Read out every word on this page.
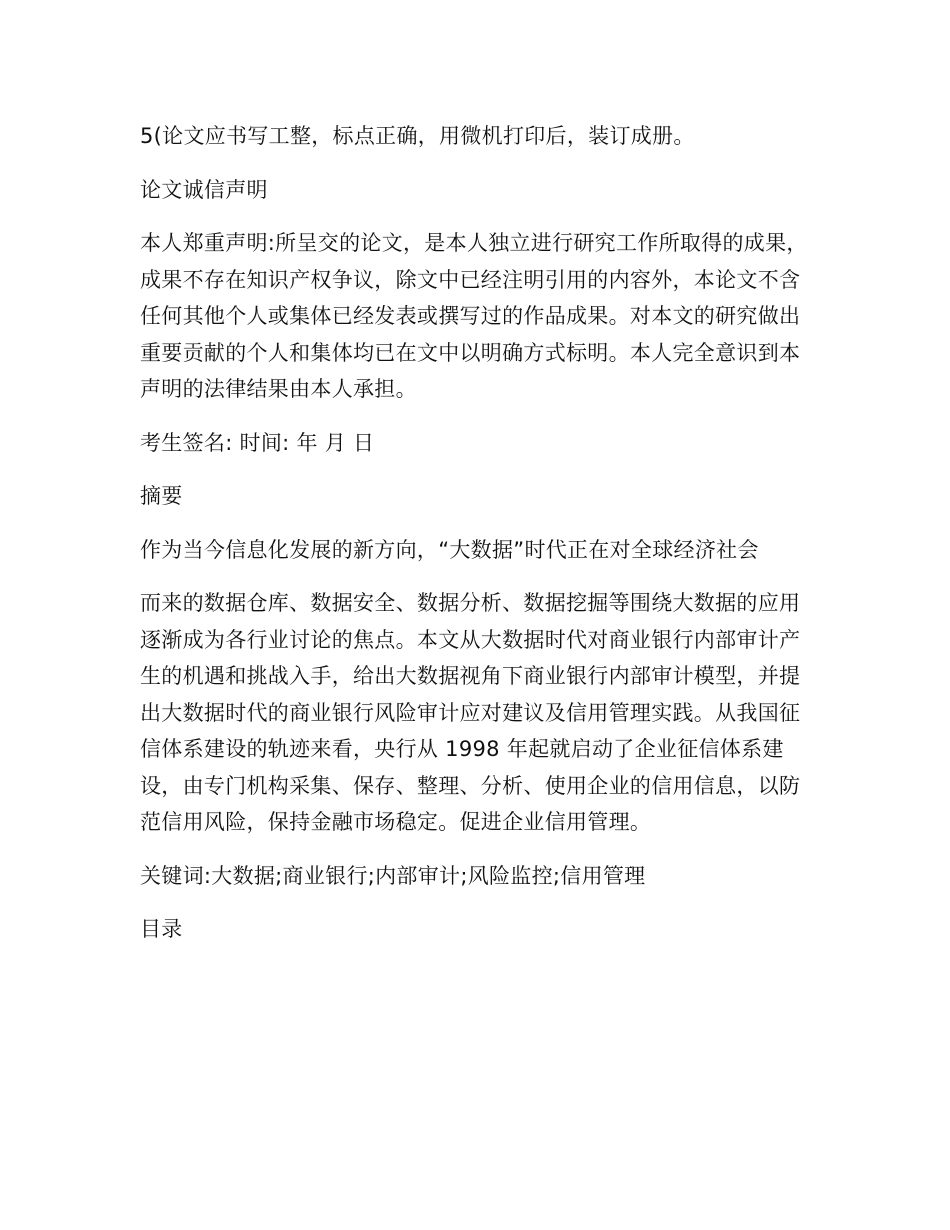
5(论文应书写工整，标点正确，用微机打印后，装订成册。

论文诚信声明

本人郑重声明:所呈交的论文，是本人独立进行研究工作所取得的成果，成果不存在知识产权争议，除文中已经注明引用的内容外，本论文不含任何其他个人或集体已经发表或撰写过的作品成果。对本文的研究做出重要贡献的个人和集体均已在文中以明确方式标明。本人完全意识到本声明的法律结果由本人承担。

考生签名: 时间: 年 月 日

摘要

作为当今信息化发展的新方向，“大数据”时代正在对全球经济社会

而来的数据仓库、数据安全、数据分析、数据挖掘等围绕大数据的应用逐渐成为各行业讨论的焦点。本文从大数据时代对商业银行内部审计产生的机遇和挑战入手，给出大数据视角下商业银行内部审计模型，并提出大数据时代的商业银行风险审计应对建议及信用管理实践。从我国征信体系建设的轨迹来看，央行从 1998 年起就启动了企业征信体系建设，由专门机构采集、保存、整理、分析、使用企业的信用信息，以防范信用风险，保持金融市场稳定。促进企业信用管理。

关键词:大数据;商业银行;内部审计;风险监控;信用管理

目录
